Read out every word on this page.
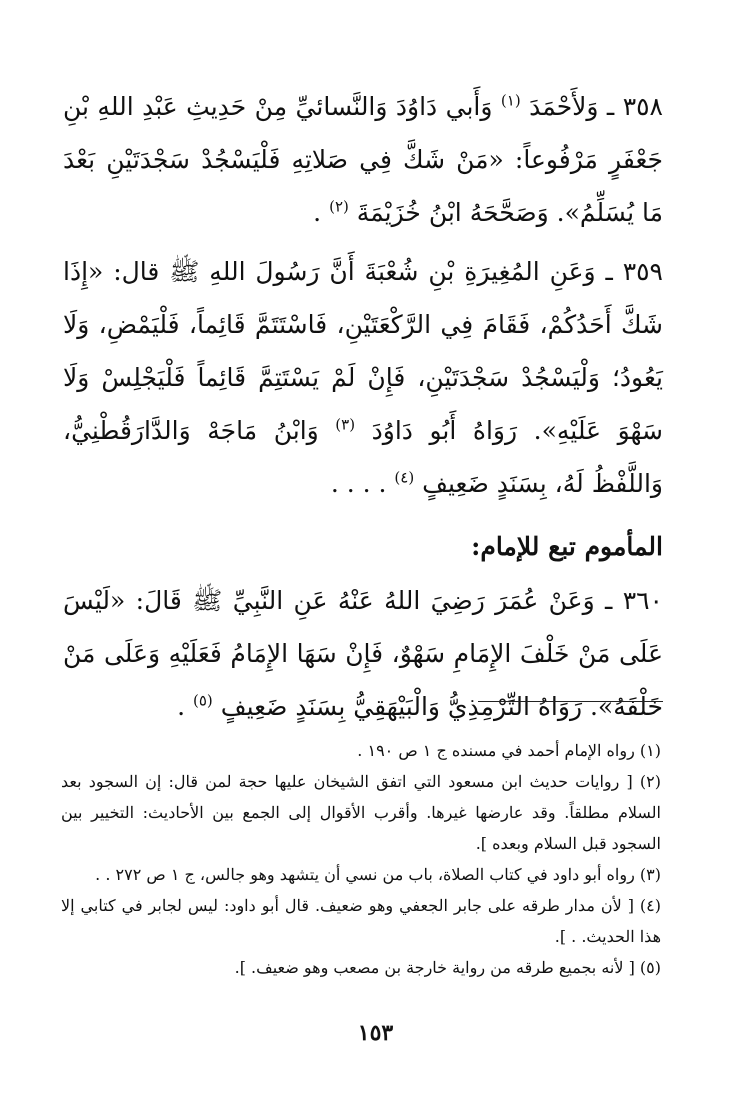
٣٥٨ ـ وَلأَحْمَدَ $^{(١)}$ وَأَبي دَاوُدَ وَالنَّسائيِّ مِنْ حَدِيثِ عَبْدِ اللهِ بْنِ جَعْفَرٍ مَرْفُوعاً: «مَنْ شَكَّ فِي صَلاتِهِ فَلْيَسْجُدْ سَجْدَتَيْنِ بَعْدَ مَا يُسَلِّمُ». وَصَحَّحَهُ ابْنُ خُزَيْمَةَ $^{(٢)}$ .

٣٥٩ ـ وَعَنِ المُغِيرَةِ بْنِ شُعْبَةَ أَنَّ رَسُولَ اللهِ ﷺ قال: «إِذَا شَكَّ أَحَدُكُمْ، فَقَامَ فِي الرَّكْعَتَيْنِ، فَاسْتَتَمَّ قَائِماً، فَلْيَمْضِ، وَلَا يَعُودُ؛ وَلْيَسْجُدْ سَجْدَتَيْنِ، فَإِنْ لَمْ يَسْتَتِمَّ قَائِماً فَلْيَجْلِسْ وَلَا سَهْوَ عَلَيْهِ». رَوَاهُ أَبُو دَاوُدَ $^{(٣)}$ وَابْنُ مَاجَهْ وَالدَّارَقُطْنِيُّ، وَاللَّفْظُ لَهُ، بِسَنَدٍ ضَعِيفٍ $^{(٤)}$ . . . .

المأموم تبع للإمام:

٣٦٠ ـ وَعَنْ عُمَرَ رَضِيَ اللهُ عَنْهُ عَنِ النَّبِيِّ ﷺ قَالَ: «لَيْسَ عَلَى مَنْ خَلْفَ الإِمَامِ سَهْوٌ، فَإِنْ سَهَا الإِمَامُ فَعَلَيْهِ وَعَلَى مَنْ خَلْفَهُ». رَوَاهُ التِّرْمِذِيُّ وَالْبَيْهَقِيُّ بِسَنَدٍ ضَعِيفٍ $^{(٥)}$ .

(١) رواه الإمام أحمد في مسنده ج ١ ص ١٩٠ .

(٢) [ روايات حديث ابن مسعود التي اتفق الشيخان عليها حجة لمن قال: إن السجود بعد السلام مطلقاً. وقد عارضها غيرها. وأقرب الأقوال إلى الجمع بين الأحاديث: التخيير بين السجود قبل السلام وبعده ].

(٣) رواه أبو داود في كتاب الصلاة، باب من نسي أن يتشهد وهو جالس، ج ١ ص ٢٧٢ . .

(٤) [ لأن مدار طرقه على جابر الجعفي وهو ضعيف. قال أبو داود: ليس لجابر في كتابي إلا هذا الحديث. . ].

(٥) [ لأنه بجميع طرقه من رواية خارجة بن مصعب وهو ضعيف. ].

١٥٣
